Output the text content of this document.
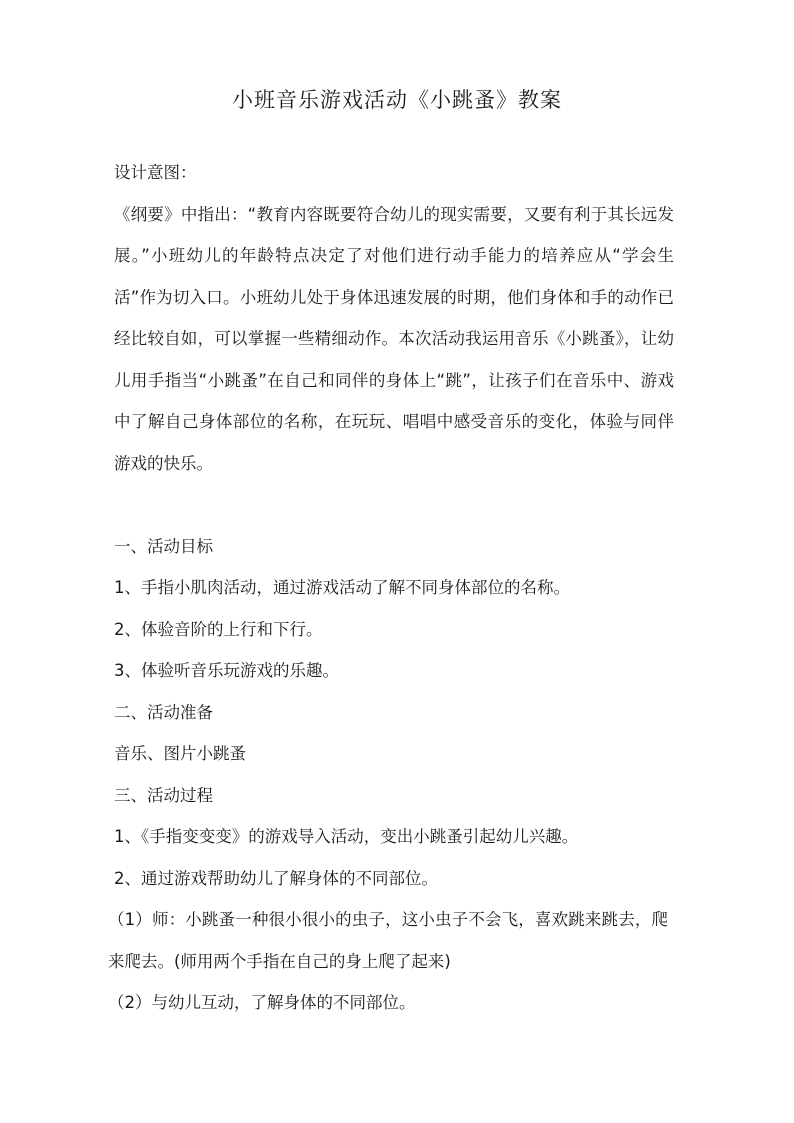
小班音乐游戏活动《小跳蚤》教案
设计意图：
《纲要》中指出：“教育内容既要符合幼儿的现实需要，又要有利于其长远发展。”小班幼儿的年龄特点决定了对他们进行动手能力的培养应从“学会生活”作为切入口。小班幼儿处于身体迅速发展的时期，他们身体和手的动作已经比较自如，可以掌握一些精细动作。本次活动我运用音乐《小跳蚤》，让幼儿用手指当“小跳蚤”在自己和同伴的身体上“跳”，让孩子们在音乐中、游戏中了解自己身体部位的名称，在玩玩、唱唱中感受音乐的变化，体验与同伴游戏的快乐。
一、活动目标
1、手指小肌肉活动，通过游戏活动了解不同身体部位的名称。
2、体验音阶的上行和下行。
3、体验听音乐玩游戏的乐趣。
二、活动准备
音乐、图片小跳蚤
三、活动过程
1、《手指变变变》的游戏导入活动，变出小跳蚤引起幼儿兴趣。
2、通过游戏帮助幼儿了解身体的不同部位。
（1）师：小跳蚤一种很小很小的虫子，这小虫子不会飞，喜欢跳来跳去，爬来爬去。(师用两个手指在自己的身上爬了起来)
（2）与幼儿互动，了解身体的不同部位。
